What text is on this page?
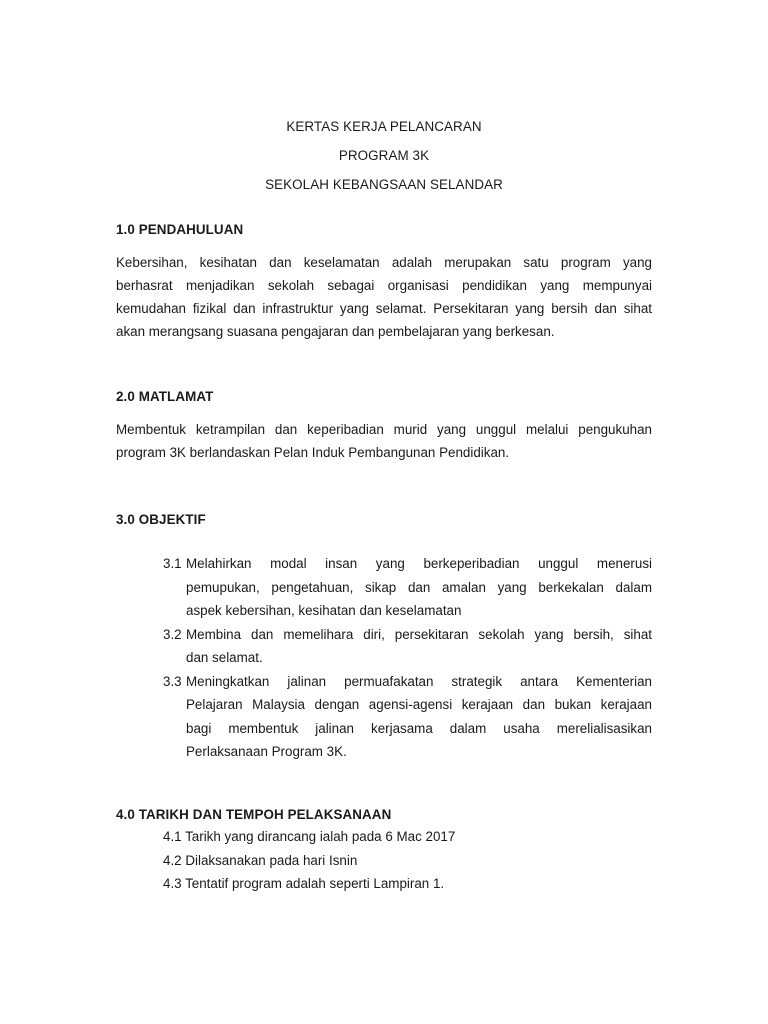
KERTAS KERJA PELANCARAN
PROGRAM 3K
SEKOLAH KEBANGSAAN SELANDAR
1.0 PENDAHULUAN
Kebersihan, kesihatan dan keselamatan adalah merupakan satu program yang
berhasrat menjadikan sekolah sebagai organisasi pendidikan yang mempunyai
kemudahan fizikal dan infrastruktur yang selamat. Persekitaran yang bersih dan sihat
akan merangsang suasana pengajaran dan pembelajaran yang berkesan.
2.0 MATLAMAT
Membentuk ketrampilan dan keperibadian murid yang unggul melalui pengukuhan
program 3K berlandaskan Pelan Induk Pembangunan Pendidikan.
3.0 OBJEKTIF
3.1 Melahirkan modal insan yang berkeperibadian unggul menerusi
pemupukan, pengetahuan, sikap dan amalan yang berkekalan dalam
aspek kebersihan, kesihatan dan keselamatan
3.2 Membina dan memelihara diri, persekitaran sekolah yang bersih, sihat
dan selamat.
3.3 Meningkatkan jalinan permuafakatan strategik antara Kementerian
Pelajaran Malaysia dengan agensi-agensi kerajaan dan bukan kerajaan
bagi membentuk jalinan kerjasama dalam usaha merelialisasikan
Perlaksanaan Program 3K.
4.0 TARIKH DAN TEMPOH PELAKSANAAN
4.1 Tarikh yang dirancang ialah pada 6 Mac 2017
4.2 Dilaksanakan pada hari Isnin
4.3 Tentatif program adalah seperti Lampiran 1.
